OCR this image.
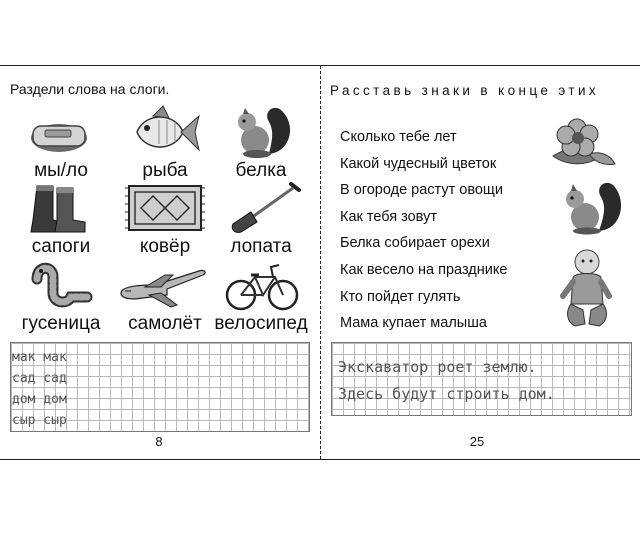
Раздели слова на слоги.
мы/ло	рыба	белка
сапоги	ковёр	лопата
гусеница	самолёт велосипед
мак мак
сад сад
дом дом
сыр сыр
8
Расставь знаки в конце этих
Сколько тебе лет
Какой чудесный цветок
В огороде растут овощи
Как тебя зовут
Белка собирает орехи
Как весело на празднике
Кто пойдет гулять
Мама купает малыша
Экскаватор роет землю.
Здесь будут строить дом.
25
